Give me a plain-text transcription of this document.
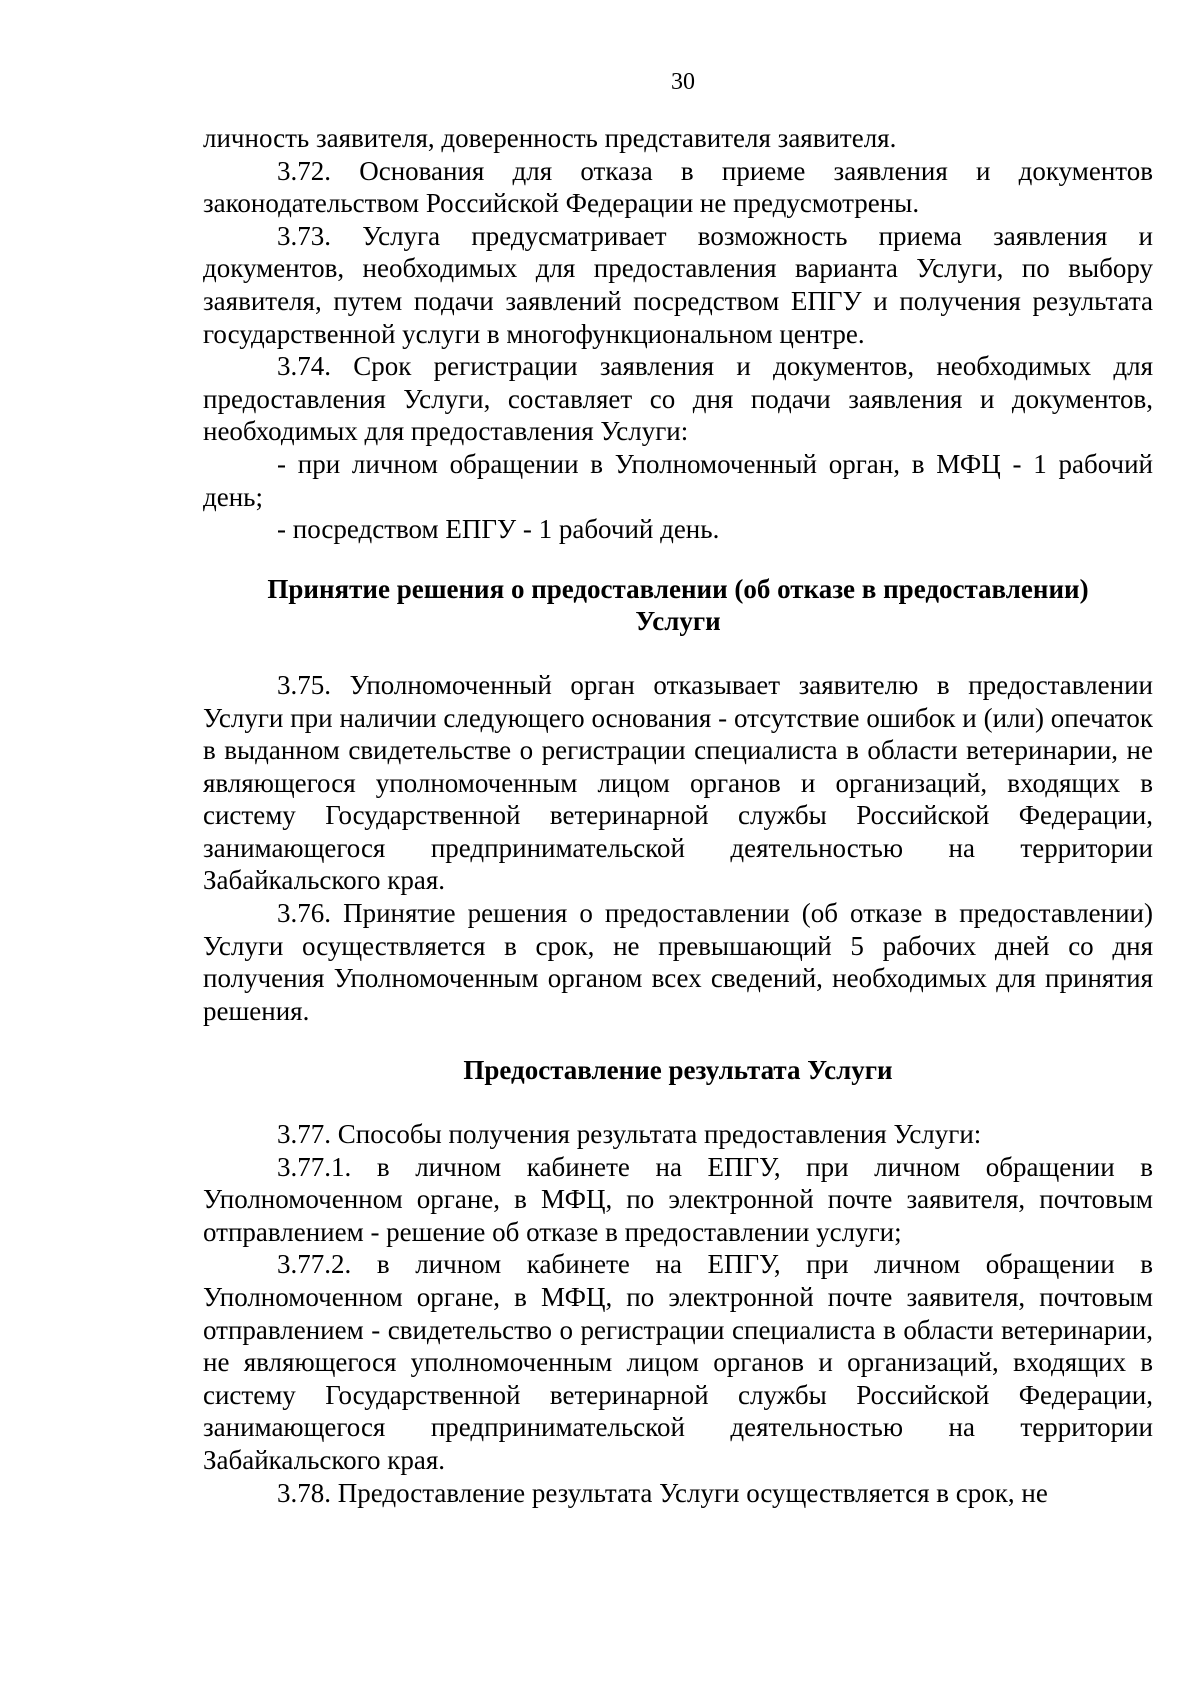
30

личность заявителя, доверенность представителя заявителя.

3.72. Основания для отказа в приеме заявления и документов законодательством Российской Федерации не предусмотрены.

3.73. Услуга предусматривает возможность приема заявления и документов, необходимых для предоставления варианта Услуги, по выбору заявителя, путем подачи заявлений посредством ЕПГУ и получения результата государственной услуги в многофункциональном центре.

3.74. Срок регистрации заявления и документов, необходимых для предоставления Услуги, составляет со дня подачи заявления и документов, необходимых для предоставления Услуги:

- при личном обращении в Уполномоченный орган, в МФЦ - 1 рабочий день;

- посредством ЕПГУ - 1 рабочий день.

Принятие решения о предоставлении (об отказе в предоставлении)
Услуги

3.75. Уполномоченный орган отказывает заявителю в предоставлении Услуги при наличии следующего основания - отсутствие ошибок и (или) опечаток в выданном свидетельстве о регистрации специалиста в области ветеринарии, не являющегося уполномоченным лицом органов и организаций, входящих в систему Государственной ветеринарной службы Российской Федерации, занимающегося предпринимательской деятельностью на территории Забайкальского края.

3.76. Принятие решения о предоставлении (об отказе в предоставлении) Услуги осуществляется в срок, не превышающий 5 рабочих дней со дня получения Уполномоченным органом всех сведений, необходимых для принятия решения.

Предоставление результата Услуги

3.77. Способы получения результата предоставления Услуги:

3.77.1. в личном кабинете на ЕПГУ, при личном обращении в Уполномоченном органе, в МФЦ, по электронной почте заявителя, почтовым отправлением - решение об отказе в предоставлении услуги;

3.77.2. в личном кабинете на ЕПГУ, при личном обращении в Уполномоченном органе, в МФЦ, по электронной почте заявителя, почтовым отправлением - свидетельство о регистрации специалиста в области ветеринарии, не являющегося уполномоченным лицом органов и организаций, входящих в систему Государственной ветеринарной службы Российской Федерации, занимающегося предпринимательской деятельностью на территории Забайкальского края.

3.78. Предоставление результата Услуги осуществляется в срок, не
